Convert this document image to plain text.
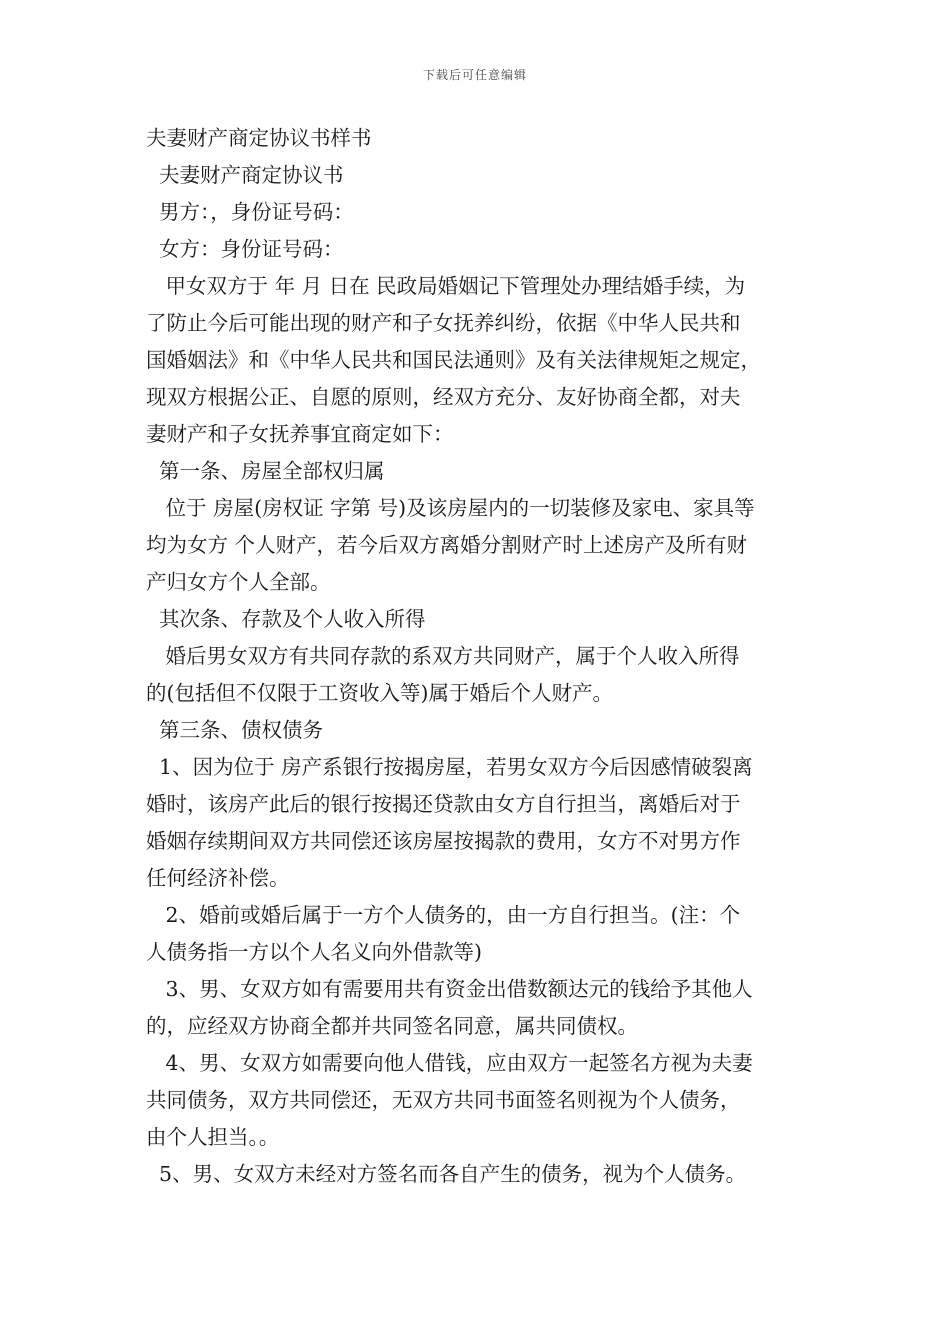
下载后可任意编辑
夫妻财产商定协议书样书
夫妻财产商定协议书
男方：，身份证号码：
女方：身份证号码：
甲女双方于 年 月 日在 民政局婚姻记下管理处办理结婚手续，为
了防止今后可能出现的财产和子女抚养纠纷，依据《中华人民共和
国婚姻法》和《中华人民共和国民法通则》及有关法律规矩之规定，
现双方根据公正、自愿的原则，经双方充分、友好协商全都，对夫
妻财产和子女抚养事宜商定如下：
第一条、房屋全部权归属
位于 房屋(房权证 字第 号)及该房屋内的一切装修及家电、家具等
均为女方 个人财产，若今后双方离婚分割财产时上述房产及所有财
产归女方个人全部。
其次条、存款及个人收入所得
婚后男女双方有共同存款的系双方共同财产，属于个人收入所得
的(包括但不仅限于工资收入等)属于婚后个人财产。
第三条、债权债务
1、因为位于 房产系银行按揭房屋，若男女双方今后因感情破裂离
婚时，该房产此后的银行按揭还贷款由女方自行担当，离婚后对于
婚姻存续期间双方共同偿还该房屋按揭款的费用，女方不对男方作
任何经济补偿。
2、婚前或婚后属于一方个人债务的，由一方自行担当。(注：个
人债务指一方以个人名义向外借款等)
3、男、女双方如有需要用共有资金出借数额达元的钱给予其他人
的，应经双方协商全都并共同签名同意，属共同债权。
4、男、女双方如需要向他人借钱，应由双方一起签名方视为夫妻
共同债务，双方共同偿还，无双方共同书面签名则视为个人债务，
由个人担当。。
5、男、女双方未经对方签名而各自产生的债务，视为个人债务。
